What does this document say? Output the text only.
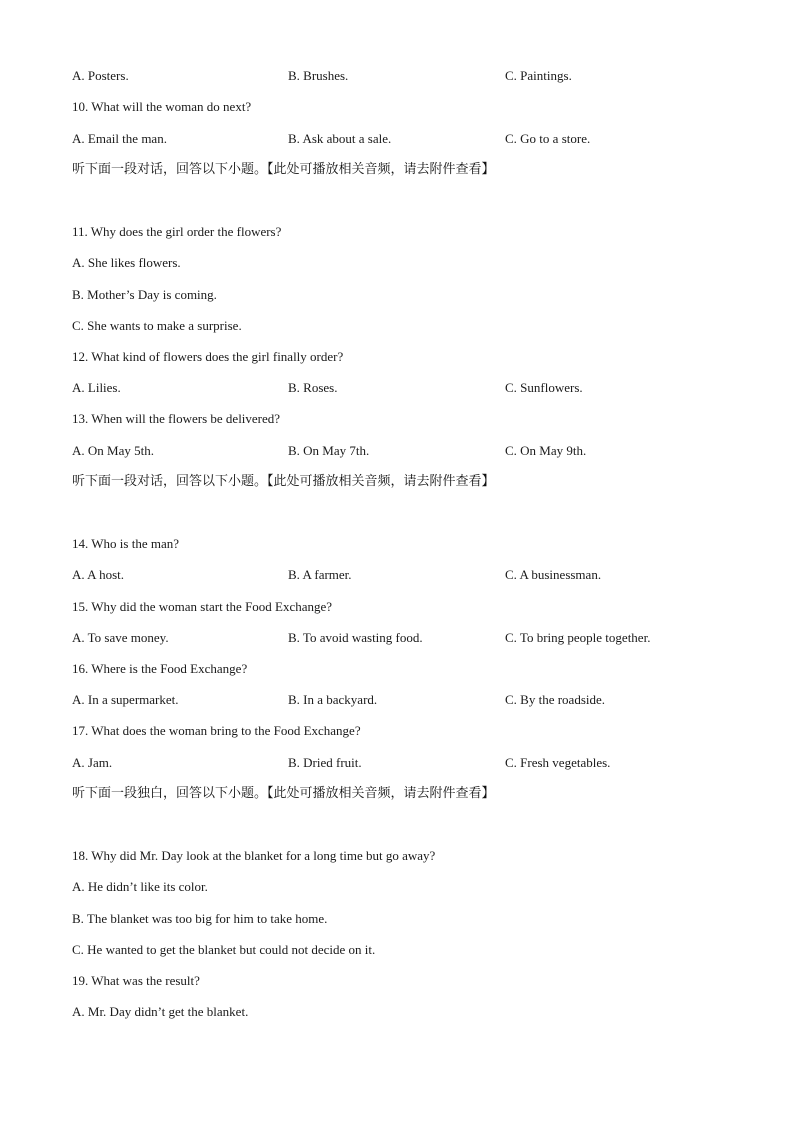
A. Posters.	B. Brushes.	C. Paintings.
10. What will the woman do next?
A. Email the man.	B. Ask about a sale.	C. Go to a store.
听下面一段对话，回答以下小题。【此处可播放相关音频，请去附件查看】
11. Why does the girl order the flowers?
A. She likes flowers.
B. Mother’s Day is coming.
C. She wants to make a surprise.
12. What kind of flowers does the girl finally order?
A. Lilies.	B. Roses.	C. Sunflowers.
13. When will the flowers be delivered?
A. On May 5th.	B. On May 7th.	C. On May 9th.
听下面一段对话，回答以下小题。【此处可播放相关音频，请去附件查看】
14. Who is the man?
A. A host.	B. A farmer.	C. A businessman.
15. Why did the woman start the Food Exchange?
A. To save money.	B. To avoid wasting food.	C. To bring people together.
16. Where is the Food Exchange?
A. In a supermarket.	B. In a backyard.	C. By the roadside.
17. What does the woman bring to the Food Exchange?
A. Jam.	B. Dried fruit.	C. Fresh vegetables.
听下面一段独白，回答以下小题。【此处可播放相关音频，请去附件查看】
18. Why did Mr. Day look at the blanket for a long time but go away?
A. He didn’t like its color.
B. The blanket was too big for him to take home.
C. He wanted to get the blanket but could not decide on it.
19. What was the result?
A. Mr. Day didn’t get the blanket.
